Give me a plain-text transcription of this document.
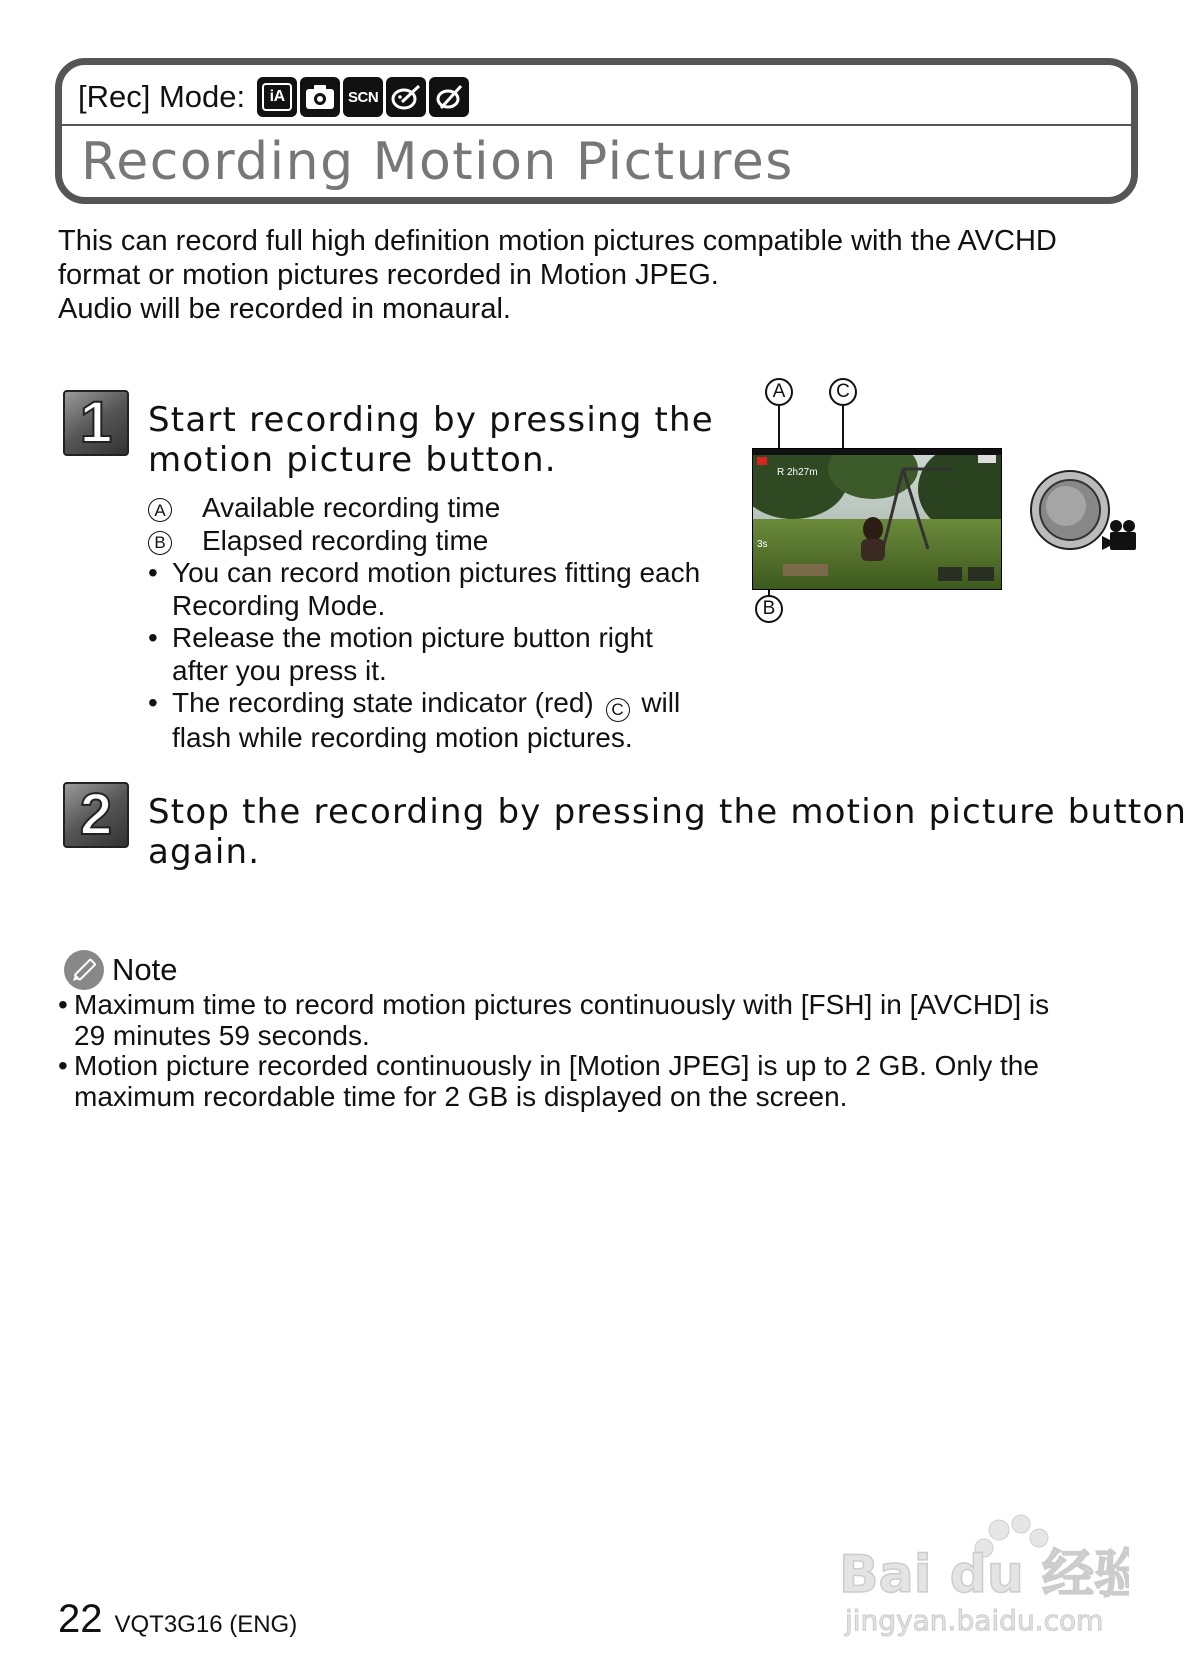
[Rec] Mode:	iA	SCN
Recording Motion Pictures
This can record full high definition motion pictures compatible with the AVCHD
format or motion pictures recorded in Motion JPEG.
Audio will be recorded in monaural.
1 Start recording by pressing the
motion picture button.
A Available recording time
B Elapsed recording time
• You can record motion pictures fitting each
Recording Mode.
• Release the motion picture button right
after you press it.
• The recording state indicator (red) C will
flash while recording motion pictures.
A	C
B
R 2h27m
3s
2 Stop the recording by pressing the motion picture button
again.
Note
• Maximum time to record motion pictures continuously with [FSH] in [AVCHD] is
29 minutes 59 seconds.
• Motion picture recorded continuously in [Motion JPEG] is up to 2 GB. Only the
maximum recordable time for 2 GB is displayed on the screen.
22 VQT3G16 (ENG)
Bai du 经验
jingyan.baidu.com
